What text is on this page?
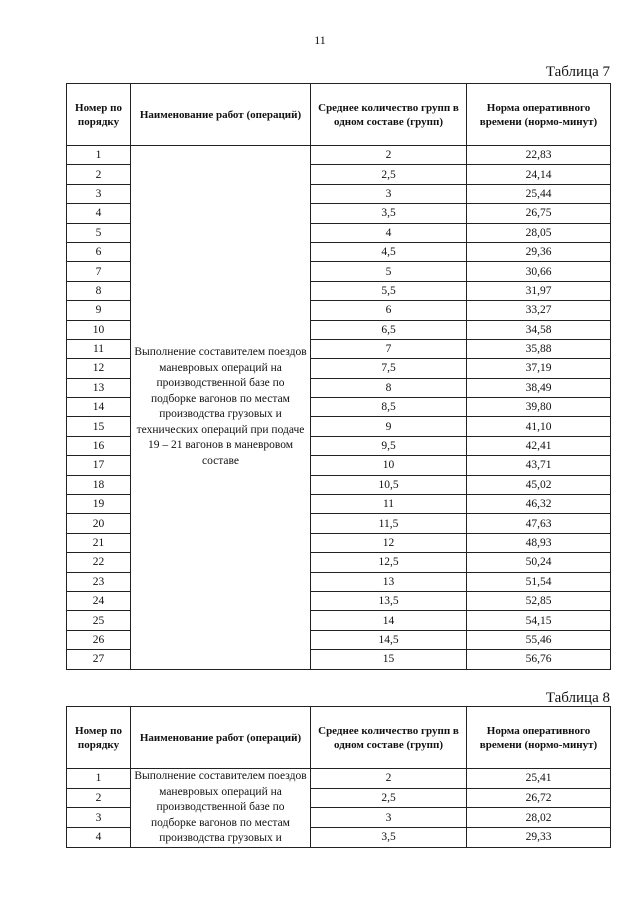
11
Таблица 7
Номер по порядку	Наименование работ (операций)	Среднее количество групп в одном составе (групп)	Норма оперативного времени (нормо-минут)
1	Выполнение составителем поездов маневровых операций на производственной базе по подборке вагонов по местам производства грузовых и технических операций при подаче 19 – 21 вагонов в маневровом составе	2	22,83
2		2,5	24,14
3		3	25,44
4		3,5	26,75
5		4	28,05
6		4,5	29,36
7		5	30,66
8		5,5	31,97
9		6	33,27
10		6,5	34,58
11		7	35,88
12		7,5	37,19
13		8	38,49
14		8,5	39,80
15		9	41,10
16		9,5	42,41
17		10	43,71
18		10,5	45,02
19		11	46,32
20		11,5	47,63
21		12	48,93
22		12,5	50,24
23		13	51,54
24		13,5	52,85
25		14	54,15
26		14,5	55,46
27		15	56,76
Таблица 8
Номер по порядку	Наименование работ (операций)	Среднее количество групп в одном составе (групп)	Норма оперативного времени (нормо-минут)
1	Выполнение составителем поездов маневровых операций на производственной базе по подборке вагонов по местам производства грузовых и	2	25,41
2		2,5	26,72
3		3	28,02
4		3,5	29,33
